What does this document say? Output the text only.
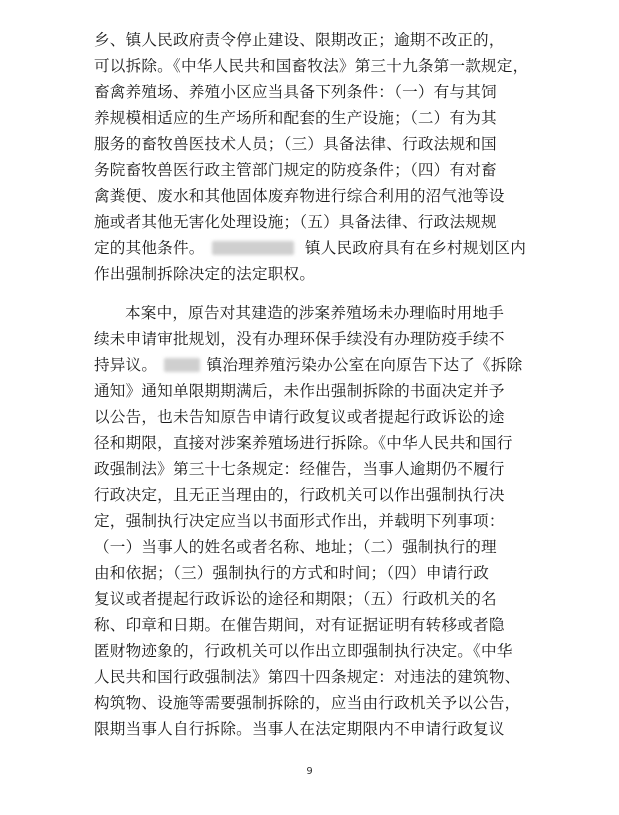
乡、镇人民政府责令停止建设、限期改正；逾期不改正的，
可以拆除。《中华人民共和国畜牧法》第三十九条第一款规定，
畜禽养殖场、养殖小区应当具备下列条件：（一）有与其饲
养规模相适应的生产场所和配套的生产设施；（二）有为其
服务的畜牧兽医技术人员；（三）具备法律、行政法规和国
务院畜牧兽医行政主管部门规定的防疫条件；（四）有对畜
禽粪便、废水和其他固体废弃物进行综合利用的沼气池等设
施或者其他无害化处理设施；（五）具备法律、行政法规规
定的其他条件。	镇人民政府具有在乡村规划区内
作出强制拆除决定的法定职权。
本案中，原告对其建造的涉案养殖场未办理临时用地手
续未申请审批规划，没有办理环保手续没有办理防疫手续不
持异议。	镇治理养殖污染办公室在向原告下达了《拆除
通知》通知单限期期满后，未作出强制拆除的书面决定并予
以公告，也未告知原告申请行政复议或者提起行政诉讼的途
径和期限，直接对涉案养殖场进行拆除。《中华人民共和国行
政强制法》第三十七条规定：经催告，当事人逾期仍不履行
行政决定，且无正当理由的，行政机关可以作出强制执行决
定，强制执行决定应当以书面形式作出，并载明下列事项：
（一）当事人的姓名或者名称、地址；（二）强制执行的理
由和依据；（三）强制执行的方式和时间；（四）申请行政
复议或者提起行政诉讼的途径和期限；（五）行政机关的名
称、印章和日期。在催告期间，对有证据证明有转移或者隐
匿财物迹象的，行政机关可以作出立即强制执行决定。《中华
人民共和国行政强制法》第四十四条规定：对违法的建筑物、
构筑物、设施等需要强制拆除的，应当由行政机关予以公告，
限期当事人自行拆除。当事人在法定期限内不申请行政复议
9
